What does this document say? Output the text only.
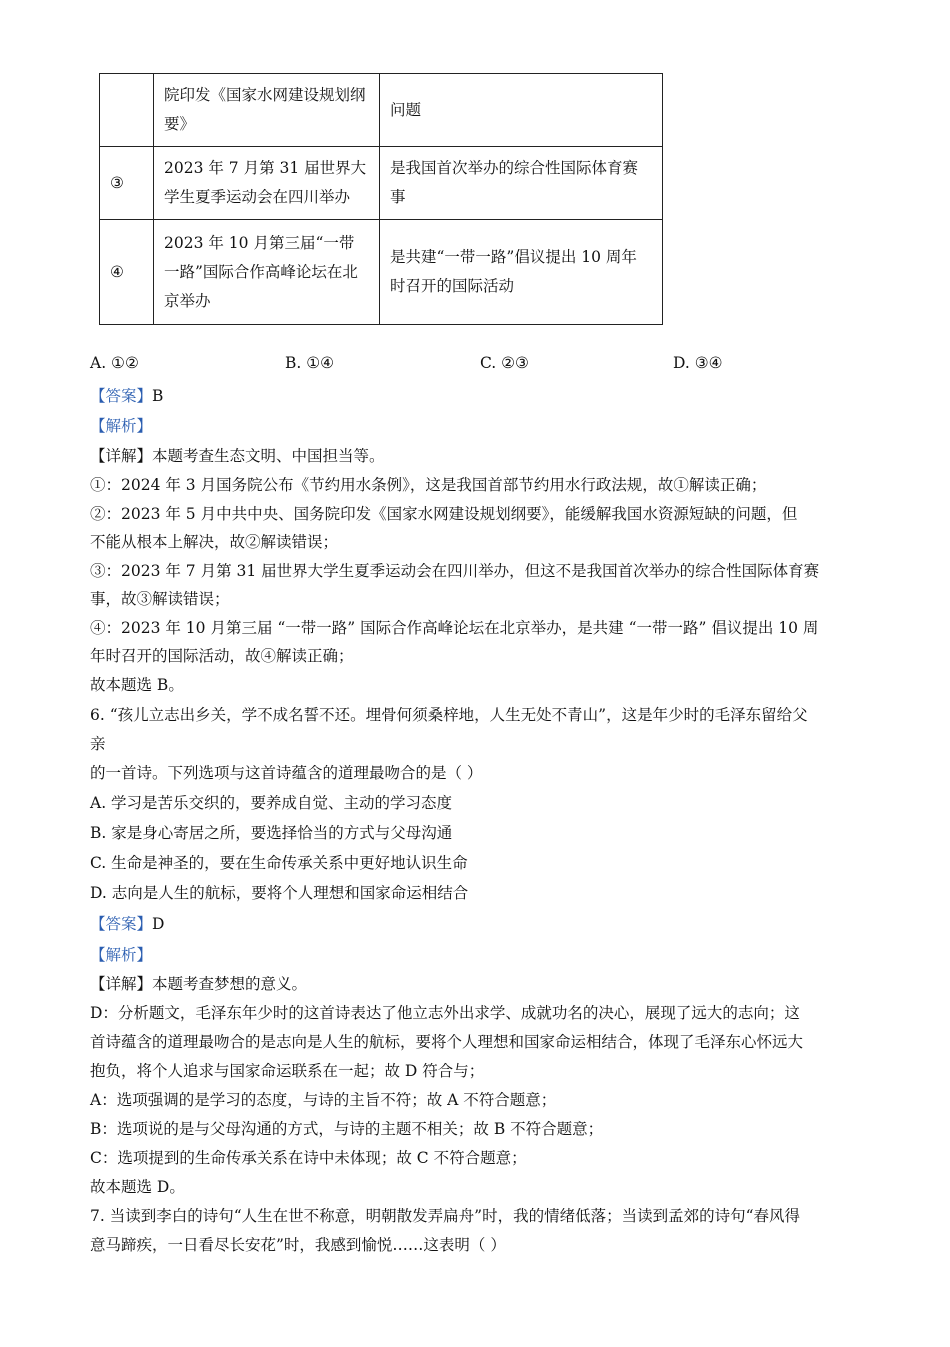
	院印发《国家水网建设规划纲要》	问题
③	2023 年 7 月第 31 届世界大学生夏季运动会在四川举办	是我国首次举办的综合性国际体育赛事
④	2023 年 10 月第三届“一带一路”国际合作高峰论坛在北京举办	是共建“一带一路”倡议提出 10 周年时召开的国际活动
A. ①②	B. ①④	C. ②③	D. ③④
【答案】B
【解析】
【详解】本题考查生态文明、中国担当等。
①：2024 年 3 月国务院公布《节约用水条例》，这是我国首部节约用水行政法规，故①解读正确；
②：2023 年 5 月中共中央、国务院印发《国家水网建设规划纲要》，能缓解我国水资源短缺的问题，但
不能从根本上解决，故②解读错误；
③：2023 年 7 月第 31 届世界大学生夏季运动会在四川举办，但这不是我国首次举办的综合性国际体育赛
事，故③解读错误；
④：2023 年 10 月第三届 “一带一路” 国际合作高峰论坛在北京举办，是共建 “一带一路” 倡议提出 10 周
年时召开的国际活动，故④解读正确；
故本题选 B。
6. “孩儿立志出乡关，学不成名誓不还。埋骨何须桑梓地，人生无处不青山”，这是年少时的毛泽东留给父
亲
的一首诗。下列选项与这首诗蕴含的道理最吻合的是（ ）
A. 学习是苦乐交织的，要养成自觉、主动的学习态度
B. 家是身心寄居之所，要选择恰当的方式与父母沟通
C. 生命是神圣的，要在生命传承关系中更好地认识生命
D. 志向是人生的航标，要将个人理想和国家命运相结合
【答案】D
【解析】
【详解】本题考查梦想的意义。
D：分析题文，毛泽东年少时的这首诗表达了他立志外出求学、成就功名的决心，展现了远大的志向；这
首诗蕴含的道理最吻合的是志向是人生的航标，要将个人理想和国家命运相结合，体现了毛泽东心怀远大
抱负，将个人追求与国家命运联系在一起；故 D 符合与；
A：选项强调的是学习的态度，与诗的主旨不符；故 A 不符合题意；
B：选项说的是与父母沟通的方式，与诗的主题不相关；故 B 不符合题意；
C：选项提到的生命传承关系在诗中未体现；故 C 不符合题意；
故本题选 D。
7. 当读到李白的诗句“人生在世不称意，明朝散发弄扁舟”时，我的情绪低落；当读到孟郊的诗句“春风得
意马蹄疾，一日看尽长安花”时，我感到愉悦……这表明（ ）
